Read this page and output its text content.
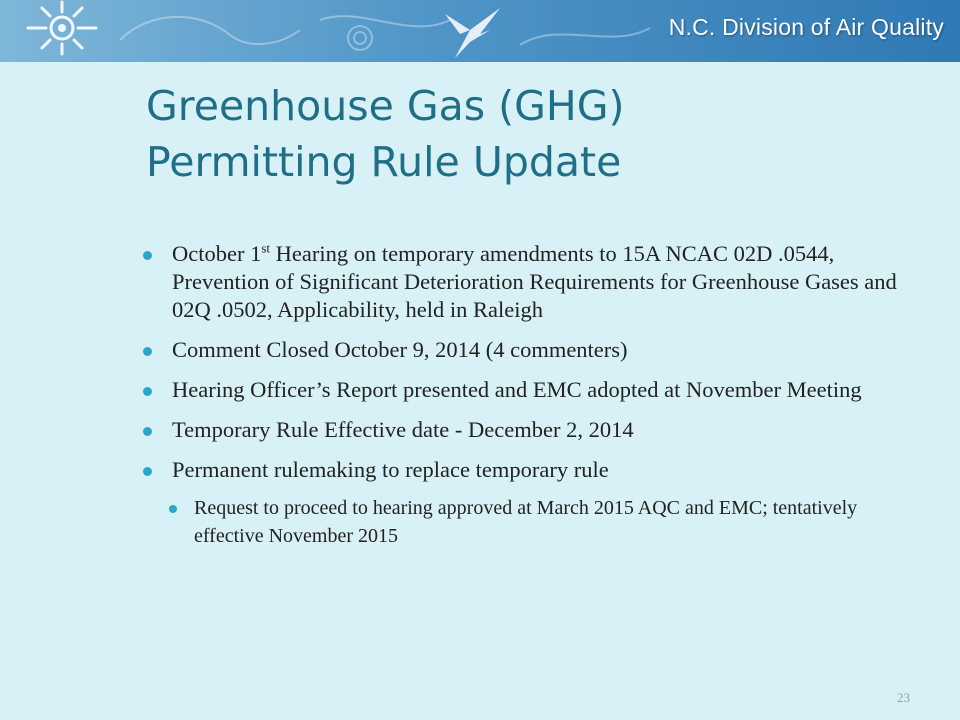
N.C. Division of Air Quality
Greenhouse Gas (GHG)
Permitting Rule Update
October 1st Hearing on temporary amendments to 15A NCAC 02D .0544, Prevention of Significant Deterioration Requirements for Greenhouse Gases and 02Q .0502, Applicability, held in Raleigh
Comment Closed October 9, 2014 (4 commenters)
Hearing Officer’s Report presented and EMC adopted at November Meeting
Temporary Rule Effective date - December 2, 2014
Permanent rulemaking to replace temporary rule
Request to proceed to hearing approved at March 2015 AQC and EMC; tentatively effective November 2015
23
